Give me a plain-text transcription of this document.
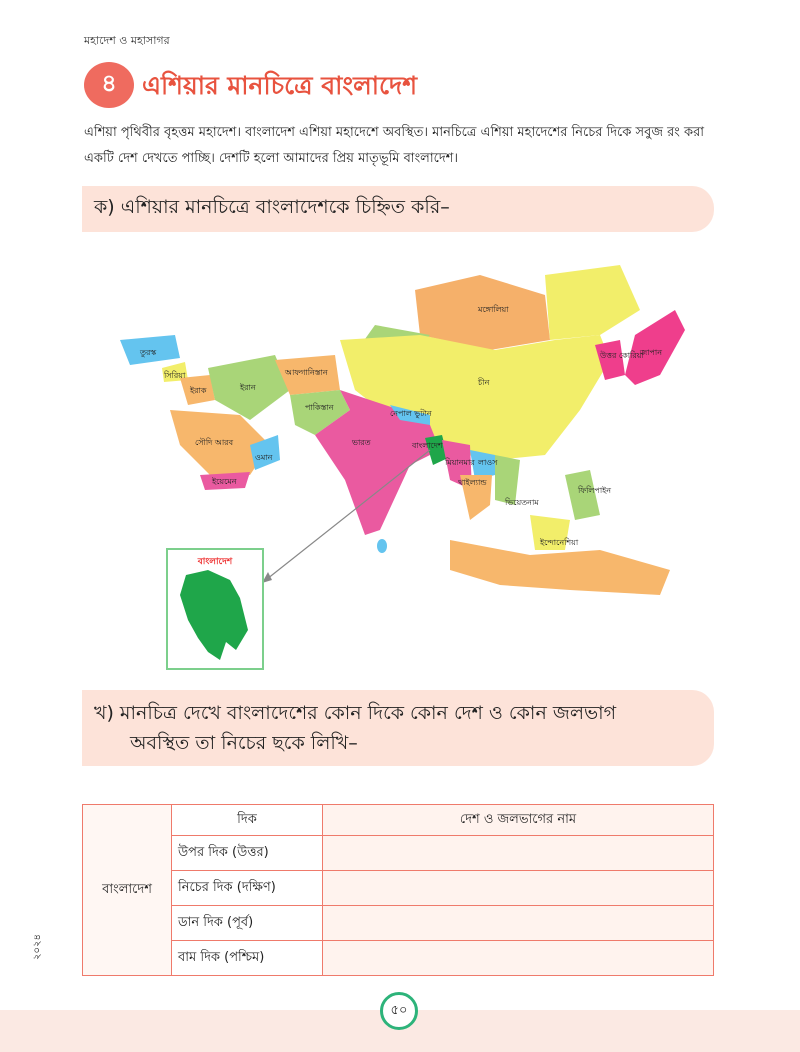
মহাদেশ ও মহাসাগর
৪	এশিয়ার মানচিত্রে বাংলাদেশ
এশিয়া পৃথিবীর বৃহত্তম মহাদেশ। বাংলাদেশ এশিয়া মহাদেশে অবস্থিত। মানচিত্রে এশিয়া মহাদেশের নিচের দিকে সবুজ রং করা একটি দেশ দেখতে পাচ্ছি। দেশটি হলো আমাদের প্রিয় মাতৃভূমি বাংলাদেশ।
ক) এশিয়ার মানচিত্রে বাংলাদেশকে চিহ্নিত করি–
মঙ্গোলিয়া
চীন
উত্তর কোরিয়া
জাপান
তুরস্ক
সিরিয়া
ইরাক	ইরান
আফগানিস্তান
পাকিস্তান
সৌদি আরব
ওমান
ইয়েমেন
ভারত
নেপাল ভুটান
বাংলাদেশ
মিয়ানমার লাওস
থাইল্যান্ড
ভিয়েতনাম
ফিলিপাইন
ইন্দোনেশিয়া
বাংলাদেশ
খ) মানচিত্র দেখে বাংলাদেশের কোন দিকে কোন দেশ ও কোন জলভাগ
অবস্থিত তা নিচের ছকে লিখি–
বাংলাদেশ	দিক	দেশ ও জলভাগের নাম
	উপর দিক (উত্তর)	
	নিচের দিক (দক্ষিণ)	
	ডান দিক (পূর্ব)	
	বাম দিক (পশ্চিম)	
২০২৪
৫০
